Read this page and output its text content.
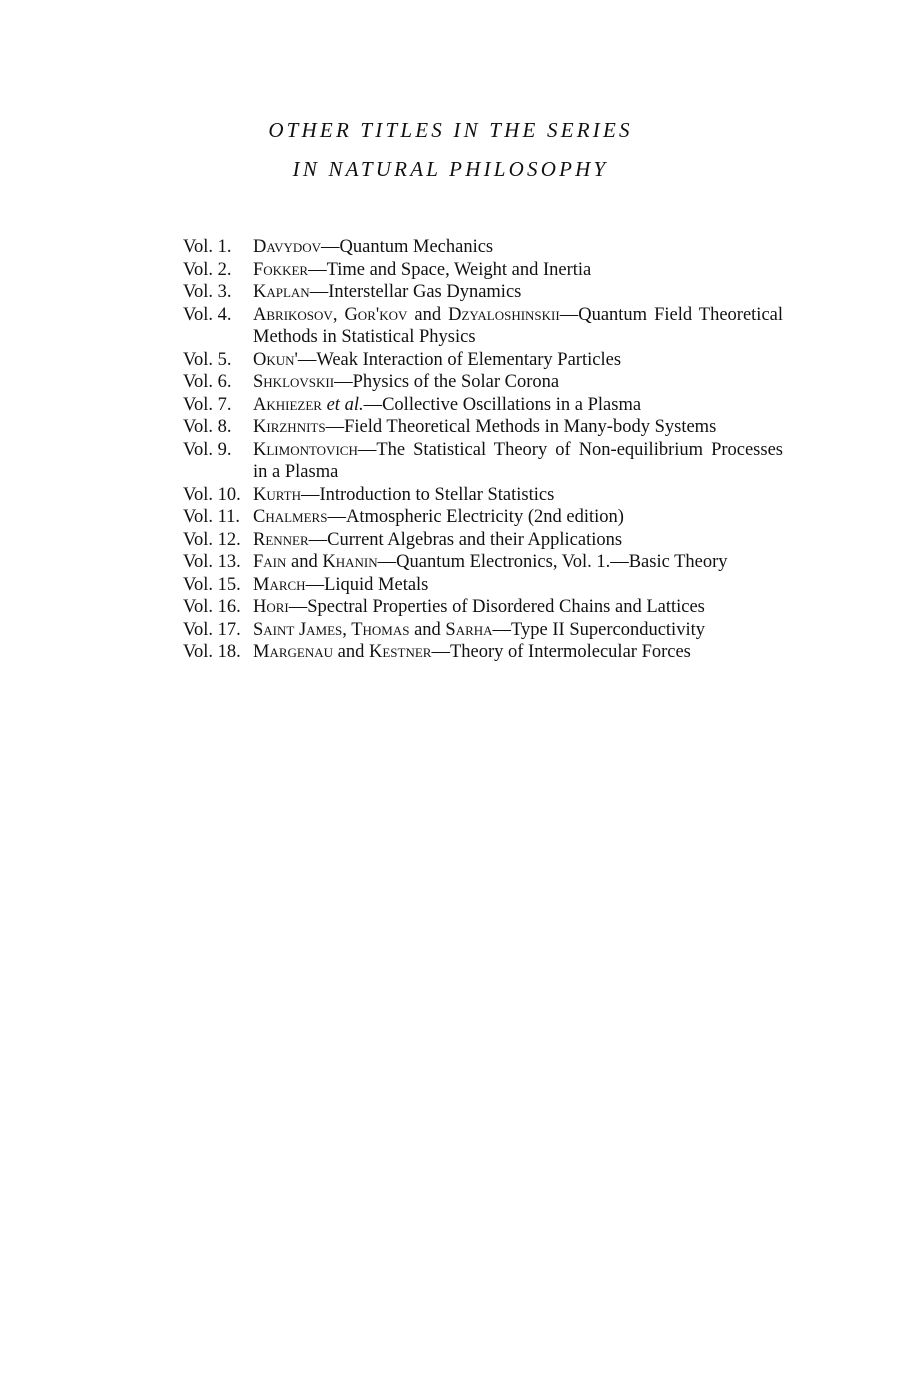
OTHER TITLES IN THE SERIES
IN NATURAL PHILOSOPHY
Vol. 1.	Davydov—Quantum Mechanics
Vol. 2.	Fokker—Time and Space, Weight and Inertia
Vol. 3.	Kaplan—Interstellar Gas Dynamics
Vol. 4.	Abrikosov, Gor'kov and Dzyaloshinskii—Quantum Field Theoretical Methods in Statistical Physics
Vol. 5.	Okun'—Weak Interaction of Elementary Particles
Vol. 6.	Shklovskii—Physics of the Solar Corona
Vol. 7.	Akhiezer et al.—Collective Oscillations in a Plasma
Vol. 8.	Kirzhnits—Field Theoretical Methods in Many-body Systems
Vol. 9.	Klimontovich—The Statistical Theory of Non-equilibrium Processes in a Plasma
Vol. 10. Kurth—Introduction to Stellar Statistics
Vol. 11. Chalmers—Atmospheric Electricity (2nd edition)
Vol. 12. Renner—Current Algebras and their Applications
Vol. 13. Fain and Khanin—Quantum Electronics, Vol. 1.—Basic Theory
Vol. 15. March—Liquid Metals
Vol. 16. Hori—Spectral Properties of Disordered Chains and Lattices
Vol. 17. Saint James, Thomas and Sarha—Type II Superconductivity
Vol. 18. Margenau and Kestner—Theory of Intermolecular Forces
